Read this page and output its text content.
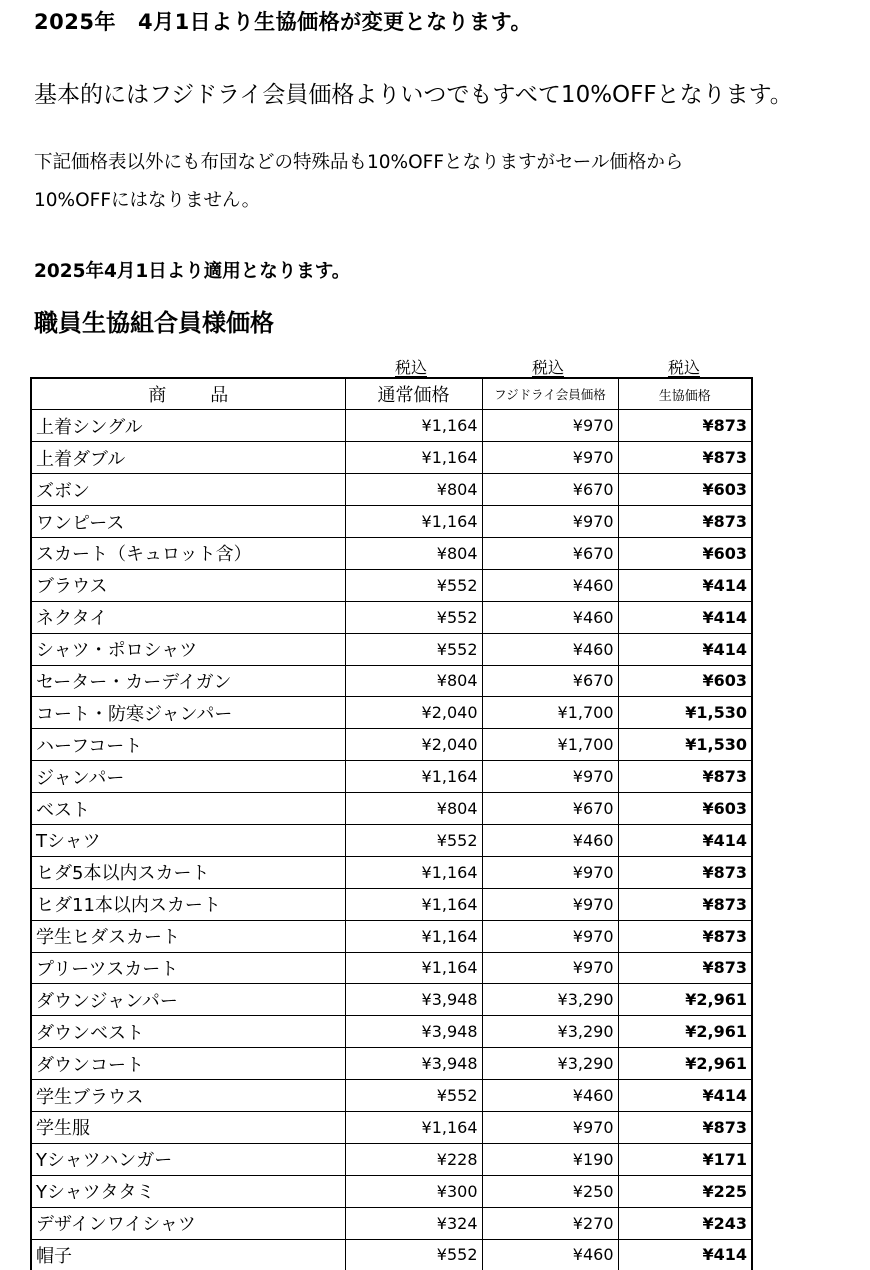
2025年 4月1日より生協価格が変更となります。
基本的にはフジドライ会員価格よりいつでもすべて10%OFFとなります。
下記価格表以外にも布団などの特殊品も10%OFFとなりますがセール価格から
10%OFFにはなりません。
2025年4月1日より適用となります。
職員生協組合員様価格
税込	税込	税込
商 品	通常価格	フジドライ会員価格	生協価格
上着シングル	¥1,164	¥970	¥873
上着ダブル	¥1,164	¥970	¥873
ズボン	¥804	¥670	¥603
ワンピース	¥1,164	¥970	¥873
スカート（キュロット含）	¥804	¥670	¥603
ブラウス	¥552	¥460	¥414
ネクタイ	¥552	¥460	¥414
シャツ・ポロシャツ	¥552	¥460	¥414
セーター・カーデイガン	¥804	¥670	¥603
コート・防寒ジャンパー	¥2,040	¥1,700	¥1,530
ハーフコート	¥2,040	¥1,700	¥1,530
ジャンパー	¥1,164	¥970	¥873
ベスト	¥804	¥670	¥603
Tシャツ	¥552	¥460	¥414
ヒダ5本以内スカート	¥1,164	¥970	¥873
ヒダ11本以内スカート	¥1,164	¥970	¥873
学生ヒダスカート	¥1,164	¥970	¥873
プリーツスカート	¥1,164	¥970	¥873
ダウンジャンパー	¥3,948	¥3,290	¥2,961
ダウンベスト	¥3,948	¥3,290	¥2,961
ダウンコート	¥3,948	¥3,290	¥2,961
学生ブラウス	¥552	¥460	¥414
学生服	¥1,164	¥970	¥873
Yシャツハンガー	¥228	¥190	¥171
Yシャツタタミ	¥300	¥250	¥225
デザインワイシャツ	¥324	¥270	¥243
帽子	¥552	¥460	¥414
